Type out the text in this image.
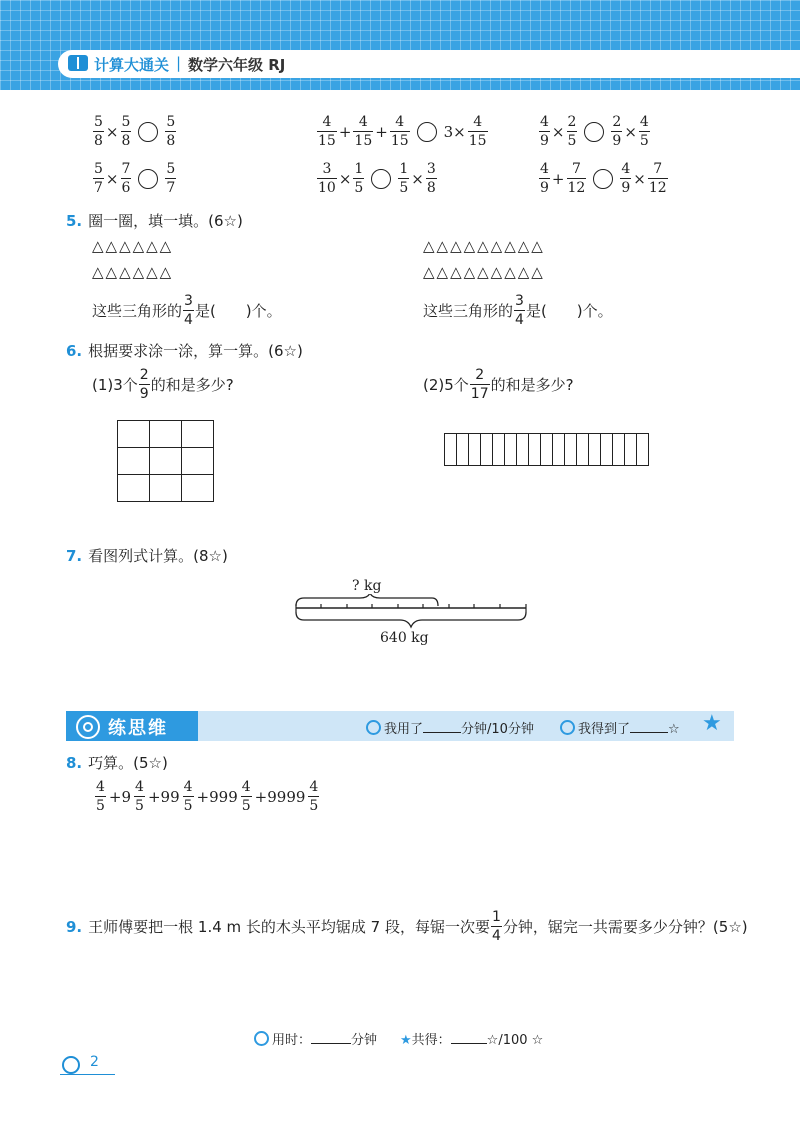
计算大通关 | 数学六年级 RJ
$\frac{5}{8} \times \frac{5}{8} \frac{5}{8}$	$\frac{4}{15} + \frac{4}{15} + \frac{4}{15} 3\times \frac{4}{15}$	$\frac{4}{9} \times \frac{2}{5} \frac{2}{9} \times \frac{4}{5}$
$\frac{5}{7} \times \frac{7}{6} \frac{5}{7}$	$\frac{3}{10} \times \frac{1}{5} \frac{1}{5} \times \frac{3}{8}$	$\frac{4}{9} + \frac{7}{12} \frac{4}{9} \times \frac{7}{12}$
5. 圈一圈，填一填。(6☆)
△△△△△△
△△△△△△
△△△△△△△△△
△△△△△△△△△
这些三角形的 $\frac{3}{4}$ 是(　　)个。	这些三角形的 $\frac{3}{4}$ 是(　　)个。
6. 根据要求涂一涂，算一算。(6☆)
(1)3个 $\frac{2}{9}$ 的和是多少?	(2)5个 $\frac{2}{17}$ 的和是多少?

7. 看图列式计算。(8☆)
? kg
640 kg
练思维	我用了	分钟/10分钟	我得到了	☆ ★
8. 巧算。(5☆)
$\frac{4}{5} +9 \frac{4}{5} +99 \frac{4}{5} +999 \frac{4}{5} +9999 \frac{4}{5}$
9. 王师傅要把一根 1.4 m 长的木头平均锯成 7 段，每锯一次要 $\frac{1}{4}$ 分钟，锯完一共需要多少分钟？(5☆)
用时：	分钟 ★共得：	☆/100 ☆
2
